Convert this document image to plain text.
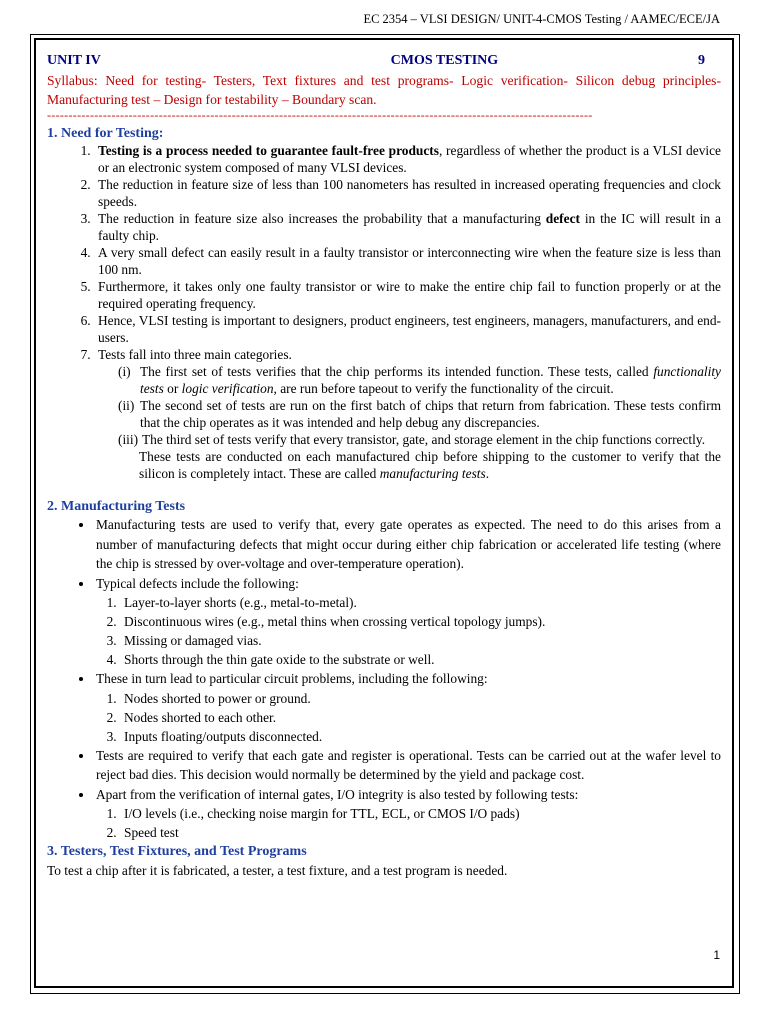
EC 2354 – VLSI DESIGN/ UNIT-4-CMOS Testing / AAMEC/ECE/JA
UNIT IV	CMOS TESTING	9
Syllabus: Need for testing- Testers, Text fixtures and test programs- Logic verification- Silicon debug principles- Manufacturing test – Design for testability – Boundary scan.
-------------------------------------------------------------------------------------------------------------------------------
1. Need for Testing:
1. Testing is a process needed to guarantee fault-free products, regardless of whether the product is a VLSI device or an electronic system composed of many VLSI devices.
2. The reduction in feature size of less than 100 nanometers has resulted in increased operating frequencies and clock speeds.
3. The reduction in feature size also increases the probability that a manufacturing defect in the IC will result in a faulty chip.
4. A very small defect can easily result in a faulty transistor or interconnecting wire when the feature size is less than 100 nm.
5. Furthermore, it takes only one faulty transistor or wire to make the entire chip fail to function properly or at the required operating frequency.
6. Hence, VLSI testing is important to designers, product engineers, test engineers, managers, manufacturers, and end-users.
7. Tests fall into three main categories.
(i) The first set of tests verifies that the chip performs its intended function. These tests, called functionality tests or logic verification, are run before tapeout to verify the functionality of the circuit.
(ii) The second set of tests are run on the first batch of chips that return from fabrication. These tests confirm that the chip operates as it was intended and help debug any discrepancies.
(iii) The third set of tests verify that every transistor, gate, and storage element in the chip functions correctly.
These tests are conducted on each manufactured chip before shipping to the customer to verify that the silicon is completely intact. These are called manufacturing tests.
2. Manufacturing Tests
• Manufacturing tests are used to verify that, every gate operates as expected. The need to do this arises from a number of manufacturing defects that might occur during either chip fabrication or accelerated life testing (where the chip is stressed by over-voltage and over-temperature operation).
• Typical defects include the following:
1. Layer-to-layer shorts (e.g., metal-to-metal).
2. Discontinuous wires (e.g., metal thins when crossing vertical topology jumps).
3. Missing or damaged vias.
4. Shorts through the thin gate oxide to the substrate or well.
• These in turn lead to particular circuit problems, including the following:
1. Nodes shorted to power or ground.
2. Nodes shorted to each other.
3. Inputs floating/outputs disconnected.
• Tests are required to verify that each gate and register is operational. Tests can be carried out at the wafer level to reject bad dies. This decision would normally be determined by the yield and package cost.
• Apart from the verification of internal gates, I/O integrity is also tested by following tests:
1. I/O levels (i.e., checking noise margin for TTL, ECL, or CMOS I/O pads)
2. Speed test
3. Testers, Test Fixtures, and Test Programs
To test a chip after it is fabricated, a tester, a test fixture, and a test program is needed.
1
